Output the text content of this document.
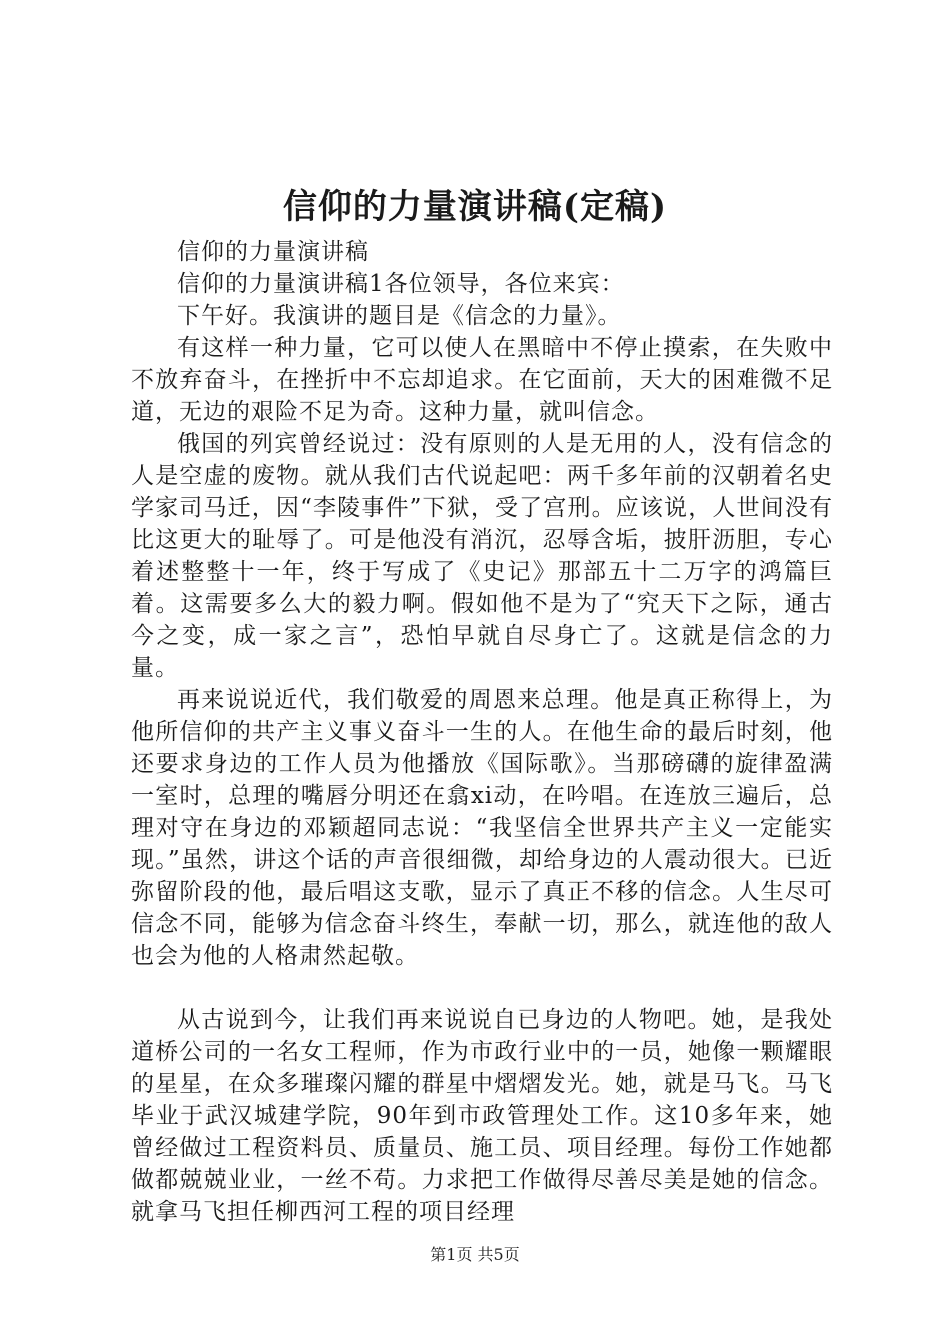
信仰的力量演讲稿(定稿)

信仰的力量演讲稿

信仰的力量演讲稿1各位领导，各位来宾：

下午好。我演讲的题目是《信念的力量》。

有这样一种力量，它可以使人在黑暗中不停止摸索，在失败中不放弃奋斗，在挫折中不忘却追求。在它面前，天大的困难微不足道，无边的艰险不足为奇。这种力量，就叫信念。

俄国的列宾曾经说过：没有原则的人是无用的人，没有信念的人是空虚的废物。就从我们古代说起吧：两千多年前的汉朝着名史学家司马迁，因“李陵事件”下狱，受了宫刑。应该说，人世间没有比这更大的耻辱了。可是他没有消沉，忍辱含垢，披肝沥胆，专心着述整整十一年，终于写成了《史记》那部五十二万字的鸿篇巨着。这需要多么大的毅力啊。假如他不是为了“究天下之际，通古今之变，成一家之言”，恐怕早就自尽身亡了。这就是信念的力量。

再来说说近代，我们敬爱的周恩来总理。他是真正称得上，为他所信仰的共产主义事义奋斗一生的人。在他生命的最后时刻，他还要求身边的工作人员为他播放《国际歌》。当那磅礴的旋律盈满一室时，总理的嘴唇分明还在翕xi动，在吟唱。在连放三遍后，总理对守在身边的邓颖超同志说：“我坚信全世界共产主义一定能实现。”虽然，讲这个话的声音很细微，却给身边的人震动很大。已近弥留阶段的他，最后唱这支歌，显示了真正不移的信念。人生尽可信念不同，能够为信念奋斗终生，奉献一切，那么，就连他的敌人也会为他的人格肃然起敬。

从古说到今，让我们再来说说自已身边的人物吧。她，是我处道桥公司的一名女工程师，作为市政行业中的一员，她像一颗耀眼的星星，在众多璀璨闪耀的群星中熠熠发光。她，就是马飞。马飞毕业于武汉城建学院，90年到市政管理处工作。这10多年来，她曾经做过工程资料员、质量员、施工员、项目经理。每份工作她都做都兢兢业业，一丝不苟。力求把工作做得尽善尽美是她的信念。就拿马飞担任柳西河工程的项目经理

第1页 共5页
